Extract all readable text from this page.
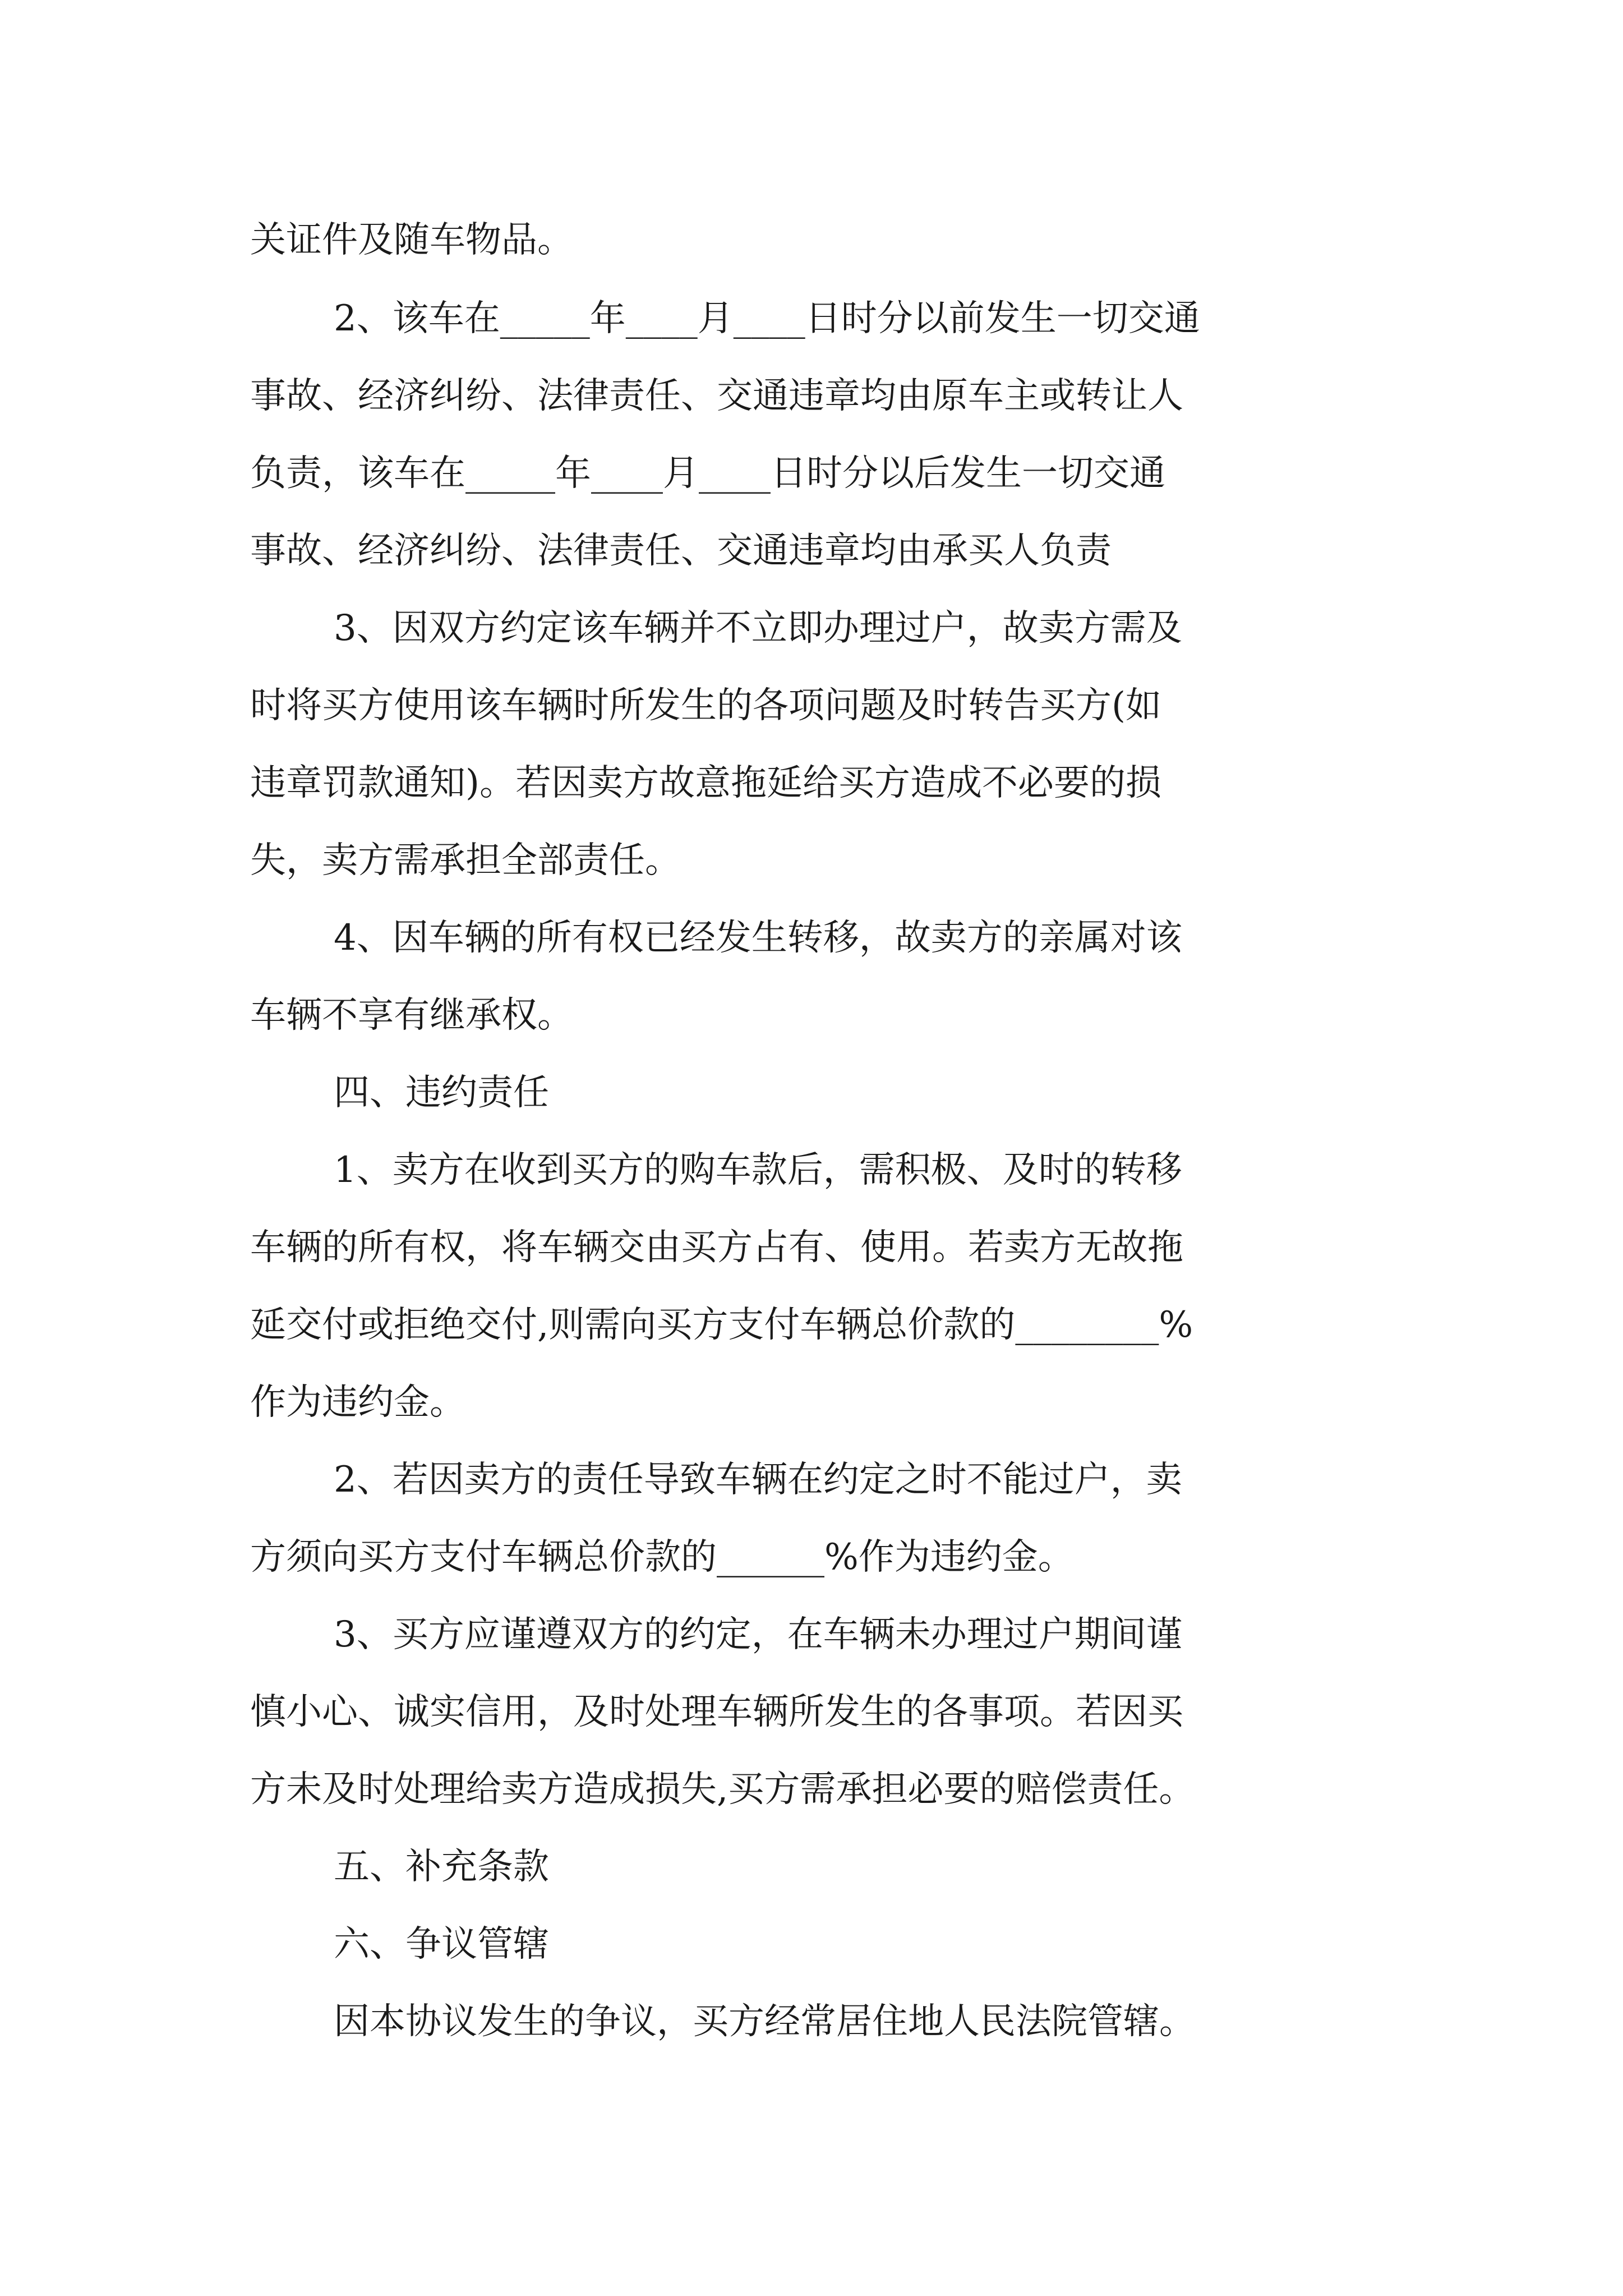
关证件及随车物品。

2、该车在_____年____月____日时分以前发生一切交通

事故、经济纠纷、法律责任、交通违章均由原车主或转让人

负责，该车在_____年____月____日时分以后发生一切交通

事故、经济纠纷、法律责任、交通违章均由承买人负责

3、因双方约定该车辆并不立即办理过户，故卖方需及

时将买方使用该车辆时所发生的各项问题及时转告买方(如

违章罚款通知)。若因卖方故意拖延给买方造成不必要的损

失，卖方需承担全部责任。

4、因车辆的所有权已经发生转移，故卖方的亲属对该

车辆不享有继承权。

四、违约责任

1、卖方在收到买方的购车款后，需积极、及时的转移

车辆的所有权，将车辆交由买方占有、使用。若卖方无故拖

延交付或拒绝交付,则需向买方支付车辆总价款的________%

作为违约金。

2、若因卖方的责任导致车辆在约定之时不能过户，卖

方须向买方支付车辆总价款的______%作为违约金。

3、买方应谨遵双方的约定，在车辆未办理过户期间谨

慎小心、诚实信用，及时处理车辆所发生的各事项。若因买

方未及时处理给卖方造成损失,买方需承担必要的赔偿责任。

五、补充条款

六、争议管辖

因本协议发生的争议，买方经常居住地人民法院管辖。
